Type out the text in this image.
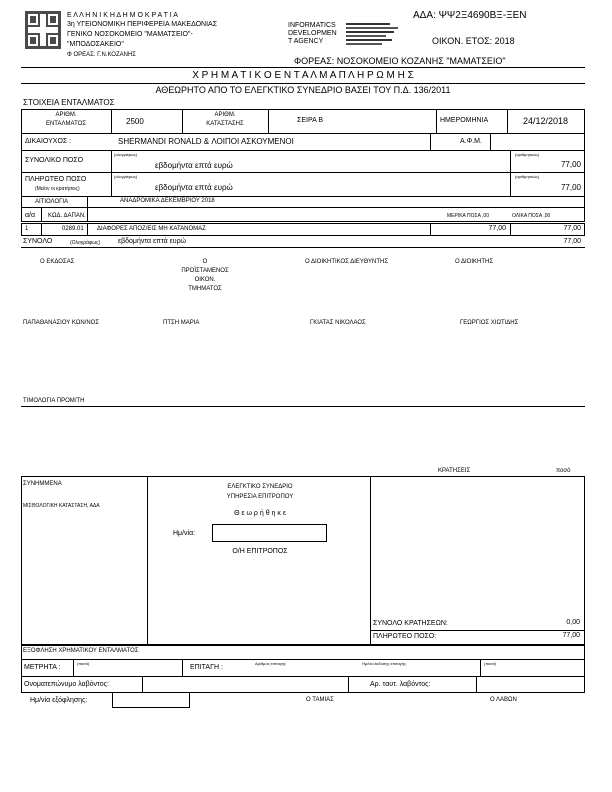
Ε Λ Λ Η Ν Ι Κ Η Δ Η Μ Ο Κ Ρ Α Τ Ι Α
3η ΥΓΕΙΟΝΟΜΙΚΗ ΠΕΡΙΦΕΡΕΙΑ ΜΑΚΕΔΟΝΙΑΣ
ΓΕΝΙΚΟ ΝΟΣΟΚΟΜΕΙΟ "ΜΑΜΑΤΣΕΙΟ"-
"ΜΠΟΔΟΣΑΚΕΙΟ"
Φ ΟΡΕΑΣ: Γ.Ν.ΚΟΖΑΝΗΣ
INFORMATICS
DEVELOPMEN
T AGENCY
ΑΔΑ: ΨΨ2Ξ4690ΒΞ-ΞΕΝ
ΟΙΚΟΝ. ΕΤΟΣ: 2018
ΦΟΡΕΑΣ: ΝΟΣΟΚΟΜΕΙΟ ΚΟΖΑΝΗΣ "ΜΑΜΑΤΣΕΙΟ"
Χ Ρ Η Μ Α Τ Ι Κ Ο Ε Ν Τ Α Λ Μ Α Π Λ Η Ρ Ω Μ Η Σ
ΑΘΕΩΡΗΤΟ ΑΠΟ ΤΟ ΕΛΕΓΚΤΙΚΟ ΣΥΝΕΔΡΙΟ ΒΑΣΕΙ ΤΟΥ Π.Δ. 136/2011
ΣΤΟΙΧΕΙΑ ΕΝΤΑΛΜΑΤΟΣ
ΑΡΙΘΜ.
ΕΝΤΑΛΜΑΤΟΣ	2500
ΑΡΙΘΜ.
ΚΑΤΑΣΤΑΣΗΣ	ΣΕΙΡΑ Β	ΗΜΕΡΟΜΗΝΙΑ	24/12/2018
ΔΙΚΑΙΟΥΧΟΣ :	SHERMANDI RONALD & ΛΟΙΠΟΙ ΑΣΚΟΥΜΕΝΟΙ	Α.Φ.Μ.
ΣΥΝΟΛΙΚΟ ΠΟΣΟ
(ολογράφως)
εβδομήντα επτά ευρώ
(αριθμητικώς)
77,00
ΠΛΗΡΩΤΕΟ ΠΟΣΟ
(Μείον οι κρατήσεις)
(ολογράφως)
εβδομήντα επτά ευρώ
(αριθμητικώς)
77,00
ΑΙΤΙΟΛΟΓΙΑ	ΑΝΑΔΡΟΜΙΚΑ ΔΕΚΕΜΒΡΙΟΥ 2018
α/α ΚΩΔ. ΔΑΠΑΝ.	ΜΕΡΙΚΑ ΠΟΣΑ ,00	ΟΛΙΚΑ ΠΟΣΑ ,00
1	0289.01 ΔΙΑΦΟΡΕΣ ΑΠΟΖ/ΕΙΣ ΜΗ ΚΑΤΑΝΟΜΑΖ	77,00	77,00
ΣΥΝΟΛΟ	(Ολογράφως)	εβδομήντα επτά ευρώ	77,00
Ο ΕΚΔΟΣΑΣ	Ο
ΠΡΟΪΣΤΑΜΕΝΟΣ
ΟΙΚΟΝ.
ΤΜΗΜΑΤΟΣ
Ο ΔΙΟΙΚΗΤΙΚΟΣ ΔΙΕΥΘΥΝΤΗΣ	Ο ΔΙΟΙΚΗΤΗΣ
ΠΑΠΑΘΑΝΑΣΙΟΥ ΚΩΝ/ΝΟΣ	ΠΤΣΗ ΜΑΡΙΑ	ΓΚΙΑΤΑΣ ΝΙΚΟΛΑΟΣ	ΓΕΩΡΓΙΟΣ ΧΙΩΤΙΔΗΣ
ΤΙΜΟΛΟΓΙΑ ΠΡΟΜ/ΤΗ
ΚΡΑΤΗΣΕΙΣ	ποσό
ΣΥΝΗΜΜΕΝΑ
ΜΙΣΘΟΛΟΓΙΚΗ ΚΑΤΑΣΤΑΣΗ, ΑΔΑ
ΕΛΕΓΚΤΙΚΟ ΣΥΝΕΔΡΙΟ
ΥΠΗΡΕΣΙΑ ΕΠΙΤΡΟΠΟΥ
Θ ε ω ρ ή θ η κ ε
Ημ/νία:
Ο/Η ΕΠΙΤΡΟΠΟΣ
ΣΥΝΟΛΟ ΚΡΑΤΗΣΕΩΝ:	0,00
ΠΛΗΡΩΤΕΟ ΠΟΣΟ:	77,00
ΕΞΟΦΛΗΣΗ ΧΡΗΜΑΤΙΚΟΥ ΕΝΤΑΛΜΑΤΟΣ
ΜΕΤΡΗΤΑ :
(ποσό)
ΕΠΙΤΑΓΗ :
Αριθμός επιταγής	Ημ/νία έκδοσης επιταγής	(ποσό)
Ονοματεπώνυμο λαβόντος:	Αρ. ταυτ. λαβόντος:
Ημ/νία εξόφλησης:	Ο ΤΑΜΙΑΣ	Ο ΛΑΒΩΝ
